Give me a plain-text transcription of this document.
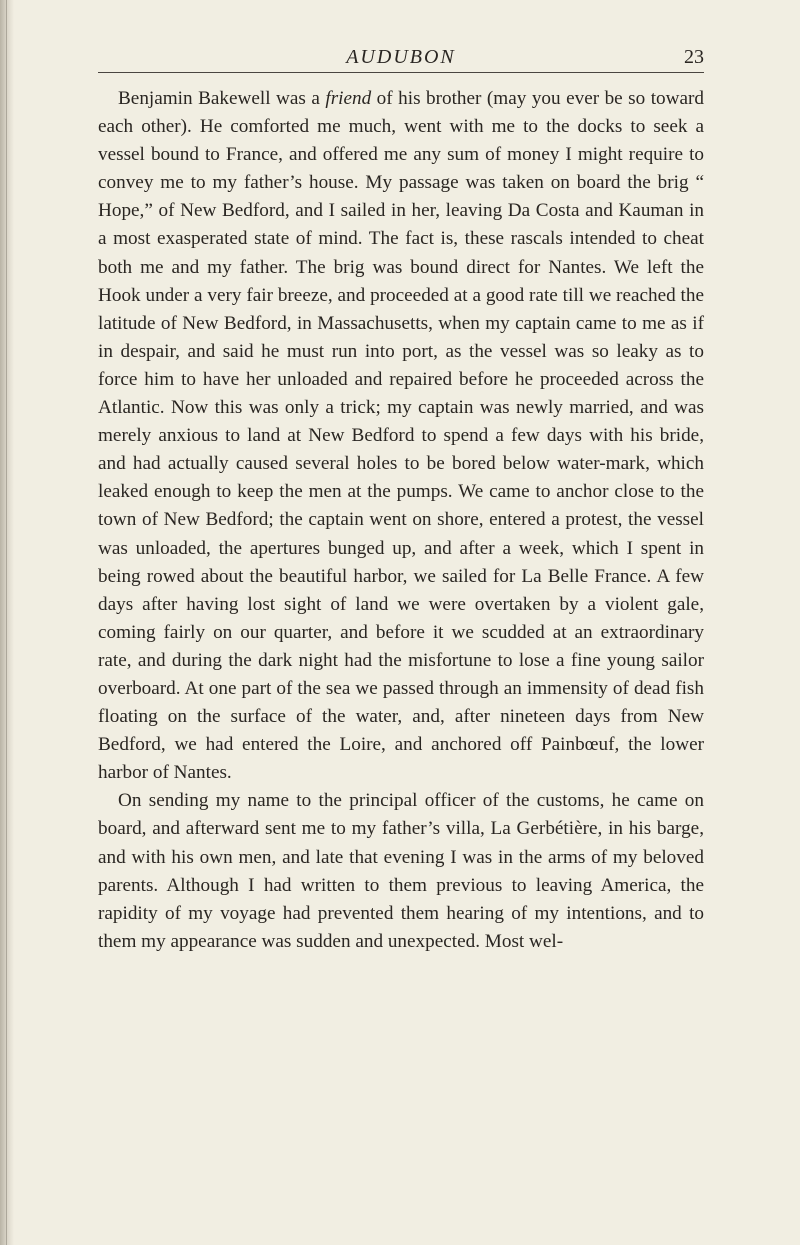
AUDUBON	23

Benjamin Bakewell was a friend of his brother (may you ever be so toward each other). He comforted me much, went with me to the docks to seek a vessel bound to France, and offered me any sum of money I might require to convey me to my father’s house. My passage was taken on board the brig “ Hope,” of New Bedford, and I sailed in her, leaving Da Costa and Kauman in a most exasperated state of mind. The fact is, these rascals intended to cheat both me and my father. The brig was bound direct for Nantes. We left the Hook under a very fair breeze, and proceeded at a good rate till we reached the latitude of New Bedford, in Massachusetts, when my captain came to me as if in despair, and said he must run into port, as the vessel was so leaky as to force him to have her unloaded and repaired before he proceeded across the Atlantic. Now this was only a trick; my captain was newly married, and was merely anxious to land at New Bedford to spend a few days with his bride, and had actually caused several holes to be bored below water-mark, which leaked enough to keep the men at the pumps. We came to anchor close to the town of New Bedford; the captain went on shore, entered a protest, the vessel was unloaded, the apertures bunged up, and after a week, which I spent in being rowed about the beautiful harbor, we sailed for La Belle France. A few days after having lost sight of land we were overtaken by a violent gale, coming fairly on our quarter, and before it we scudded at an extraordinary rate, and during the dark night had the misfortune to lose a fine young sailor overboard. At one part of the sea we passed through an immensity of dead fish floating on the surface of the water, and, after nineteen days from New Bedford, we had entered the Loire, and anchored off Painbœuf, the lower harbor of Nantes.

On sending my name to the principal officer of the customs, he came on board, and afterward sent me to my father’s villa, La Gerbétière, in his barge, and with his own men, and late that evening I was in the arms of my beloved parents. Although I had written to them previous to leaving America, the rapidity of my voyage had prevented them hearing of my intentions, and to them my appearance was sudden and unexpected. Most wel-
